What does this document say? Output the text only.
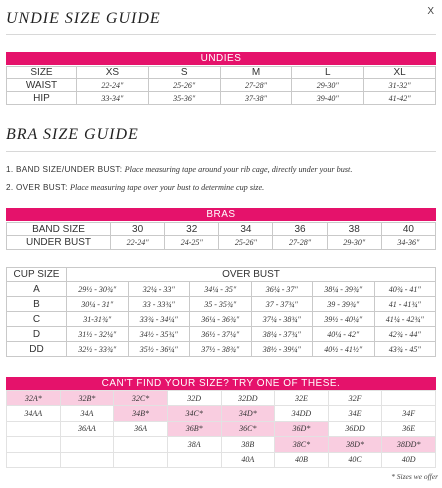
X
UNDIE SIZE GUIDE
UNDIES
SIZE	XS	S	M	L	XL
WAIST	22-24"	25-26"	27-28"	29-30"	31-32"
HIP	33-34"	35-36"	37-38"	39-40"	41-42"
BRA SIZE GUIDE
1. BAND SIZE/UNDER BUST: Place measuring tape around your rib cage, directly under your bust.
2. OVER BUST: Place measuring tape over your bust to determine cup size.
BRAS
BAND SIZE	30	32	34	36	38	40
UNDER BUST	22-24"	24-25"	25-26"	27-28"	29-30"	34-36"
CUP SIZE	OVER BUST					
A	29½ - 30¾"	32¼ - 33"	34¼ - 35"	36¼ - 37"	38¼ - 39¾"	40¾ - 41"
B	30¼ - 31"	33 - 33¾"	35 - 35¾"	37 - 37¾"	39 - 39¾"	41 - 41¾"
C	31-31¾"	33¾ - 34¼"	36¼ - 36¾"	37¼ - 38¾"	39½ - 40¼"	41¼ - 42¾"
D	31½ - 32¼"	34½ - 35¾"	36½ - 37¼"	38¼ - 37¾"	40¼ - 42"	42¾ - 44"
DD	32½ - 33¾"	35½ - 36¼"	37½ - 38¾"	38½ - 39¼"	40½ - 41½"	43¾ - 45"
CAN'T FIND YOUR SIZE? TRY ONE OF THESE.
32A*	32B*	32C*	32D	32DD	32E	32F	
34AA	34A	34B*	34C*	34D*	34DD	34E	34F
	36AA	36A	36B*	36C*	36D*	36DD	36E
			38A	38B	38C*	38D*	38DD*
				40A	40B	40C	40D
* Sizes we offer
